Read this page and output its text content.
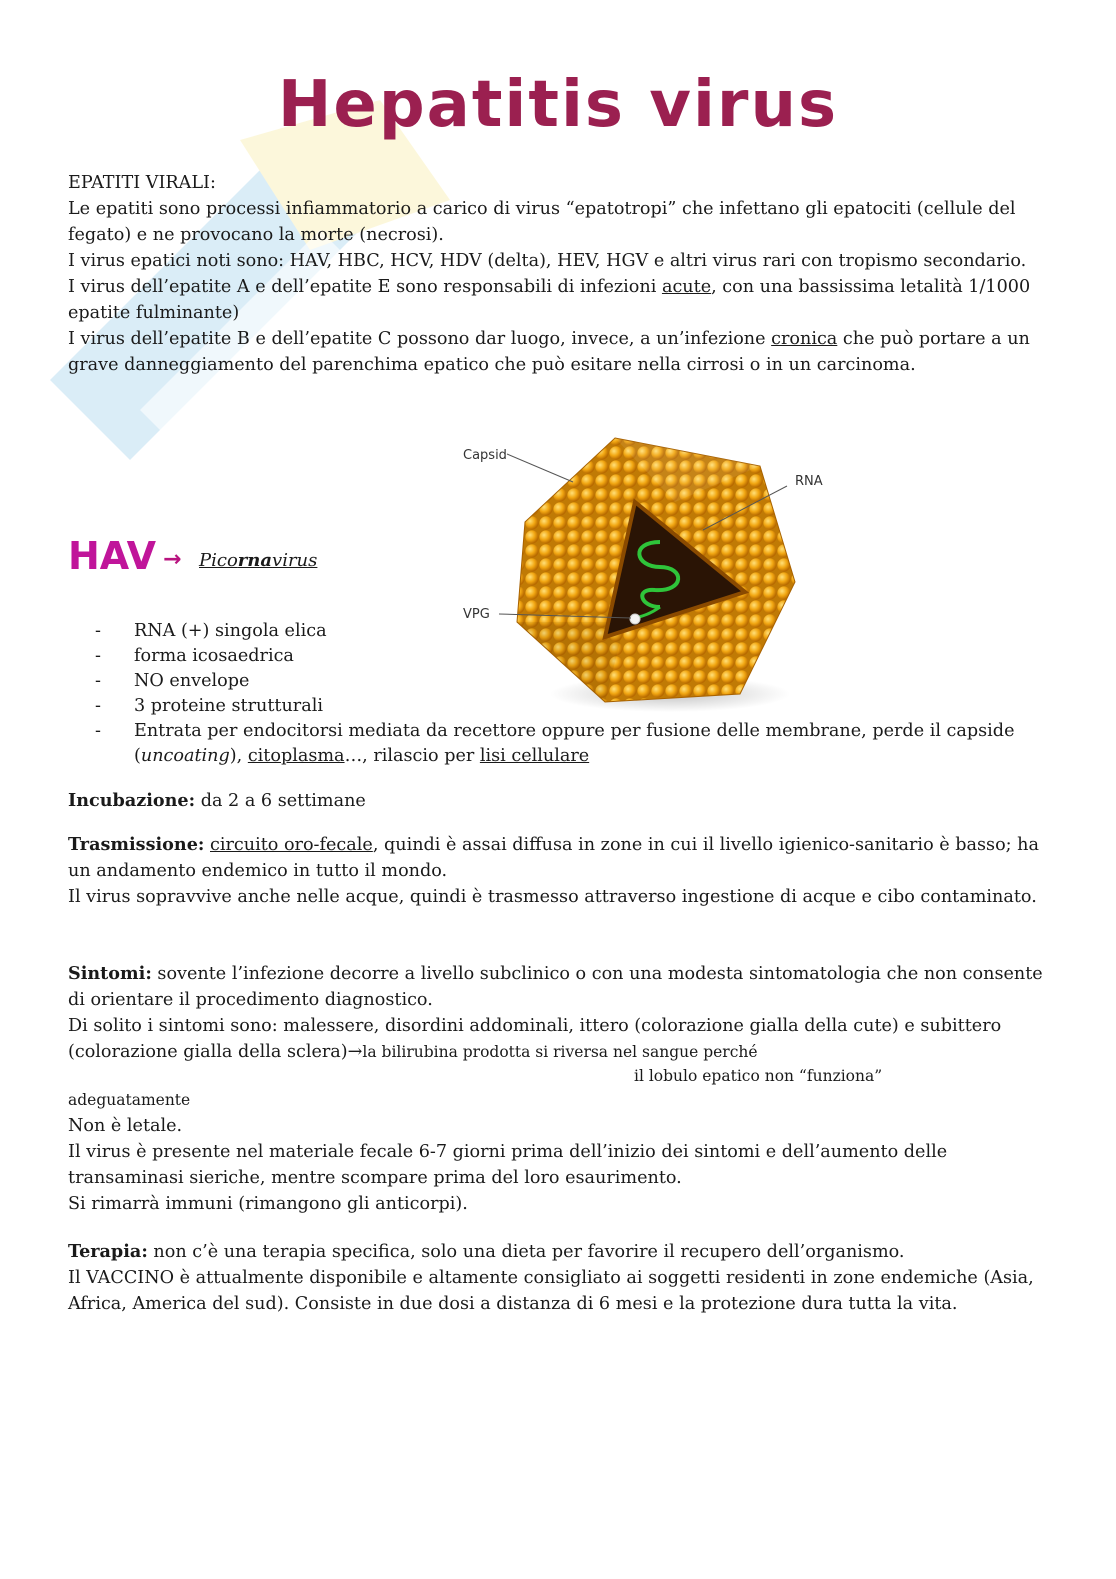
Hepatitis virus

EPATITI VIRALI:

Le epatiti sono processi infiammatorio a carico di virus “epatotropi” che infettano gli epatociti (cellule del fegato) e ne provocano la morte (necrosi).

I virus epatici noti sono: HAV, HBC, HCV, HDV (delta), HEV, HGV e altri virus rari con tropismo secondario.

I virus dell’epatite A e dell’epatite E sono responsabili di infezioni acute, con una bassissima letalità 1/1000 epatite fulminante)

I virus dell’epatite B e dell’epatite C possono dar luogo, invece, a un’infezione cronica che può portare a un grave danneggiamento del parenchima epatico che può esitare nella cirrosi o in un carcinoma.

Capsid
RNA
VPG
HAV → Picornavirus
- RNA (+) singola elica
- forma icosaedrica
- NO envelope
- 3 proteine strutturali
- Entrata per endocitorsi mediata da recettore oppure per fusione delle membrane, perde il capside (uncoating), citoplasma…, rilascio per lisi cellulare

Incubazione: da 2 a 6 settimane

Trasmissione: circuito oro-fecale, quindi è assai diffusa in zone in cui il livello igienico-sanitario è basso; ha un andamento endemico in tutto il mondo.

Il virus sopravvive anche nelle acque, quindi è trasmesso attraverso ingestione di acque e cibo contaminato.

Sintomi: sovente l’infezione decorre a livello subclinico o con una modesta sintomatologia che non consente di orientare il procedimento diagnostico.

Di solito i sintomi sono: malessere, disordini addominali, ittero (colorazione gialla della cute) e subittero (colorazione gialla della sclera)→la bilirubina prodotta si riversa nel sangue perché

il lobulo epatico non “funziona”

adeguatamente

Non è letale.

Il virus è presente nel materiale fecale 6-7 giorni prima dell’inizio dei sintomi e dell’aumento delle transaminasi sieriche, mentre scompare prima del loro esaurimento.

Si rimarrà immuni (rimangono gli anticorpi).

Terapia: non c’è una terapia specifica, solo una dieta per favorire il recupero dell’organismo.

Il VACCINO è attualmente disponibile e altamente consigliato ai soggetti residenti in zone endemiche (Asia, Africa, America del sud). Consiste in due dosi a distanza di 6 mesi e la protezione dura tutta la vita.
